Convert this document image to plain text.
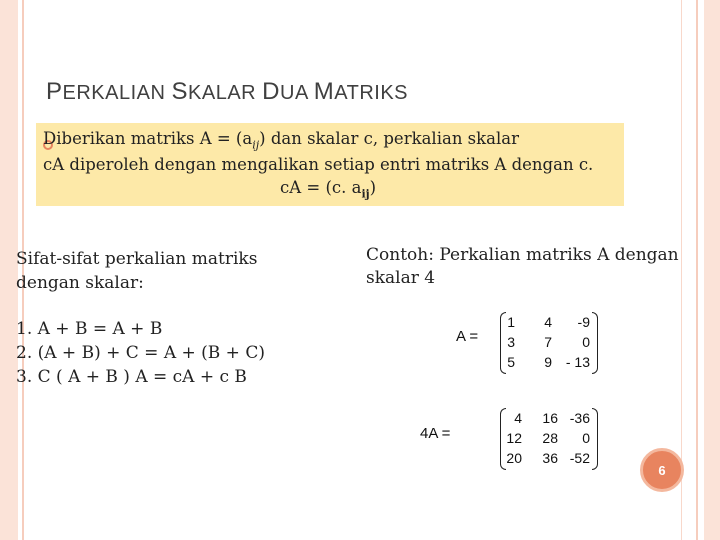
PERKALIAN SKALAR DUA MATRIKS
Diberikan matriks $A = (a_{ij})$ dan skalar c, perkalian skalar
cA diperoleh dengan mengalikan setiap entri matriks A dengan c.
cA = (c. $a_{ij}$)
Sifat-sifat perkalian matriks
dengan skalar:
1. A + B = A + B
2. (A + B) + C = A + (B + C)
3. C ( A + B ) A = cA + c B
Contoh: Perkalian matriks A dengan
skalar 4
A =
1 4 -9
3 7 0
5 9 - 13
4A =
4 16 -36
12 28 0
20 36 -52
6
